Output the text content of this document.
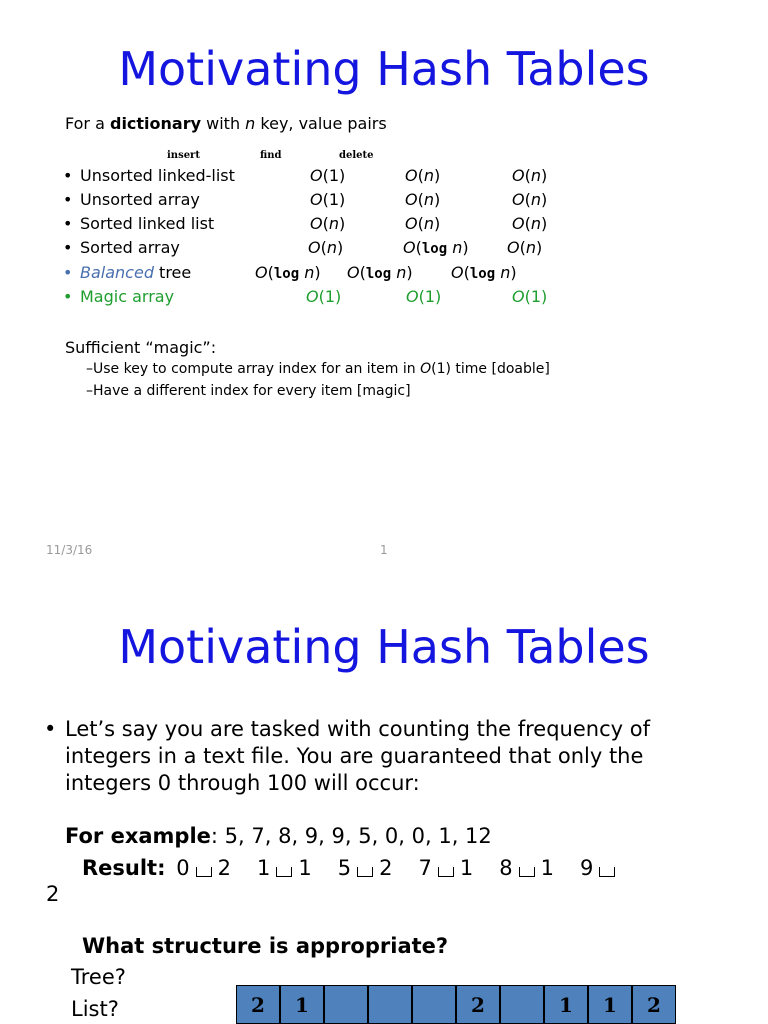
Motivating Hash Tables
For a dictionary with n key, value pairs
insert	find	delete
• Unsorted linked-list	O(1)	O(n)	O(n)
• Unsorted array	O(1)	O(n)	O(n)
• Sorted linked list	O(n)	O(n)	O(n)
• Sorted array	O(n)	O(log n) O(n)
• Balanced tree	O(log n) O(log n) O(log n)
• Magic array	O(1)	O(1)	O(1)
Sufficient “magic”:
–Use key to compute array index for an item in O(1) time [doable]
–Have a different index for every item [magic]
11/3/16	1
Motivating Hash Tables
• Let’s say you are tasked with counting the frequency of
integers in a text file. You are guaranteed that only the
integers 0 through 100 will occur:
For example: 5, 7, 8, 9, 9, 5, 0, 0, 1, 12
Result: 0 2 1 1 5 2 7 1 8 1 9
2
What structure is appropriate?
Tree?
List?	2	1	2	1	1	2
